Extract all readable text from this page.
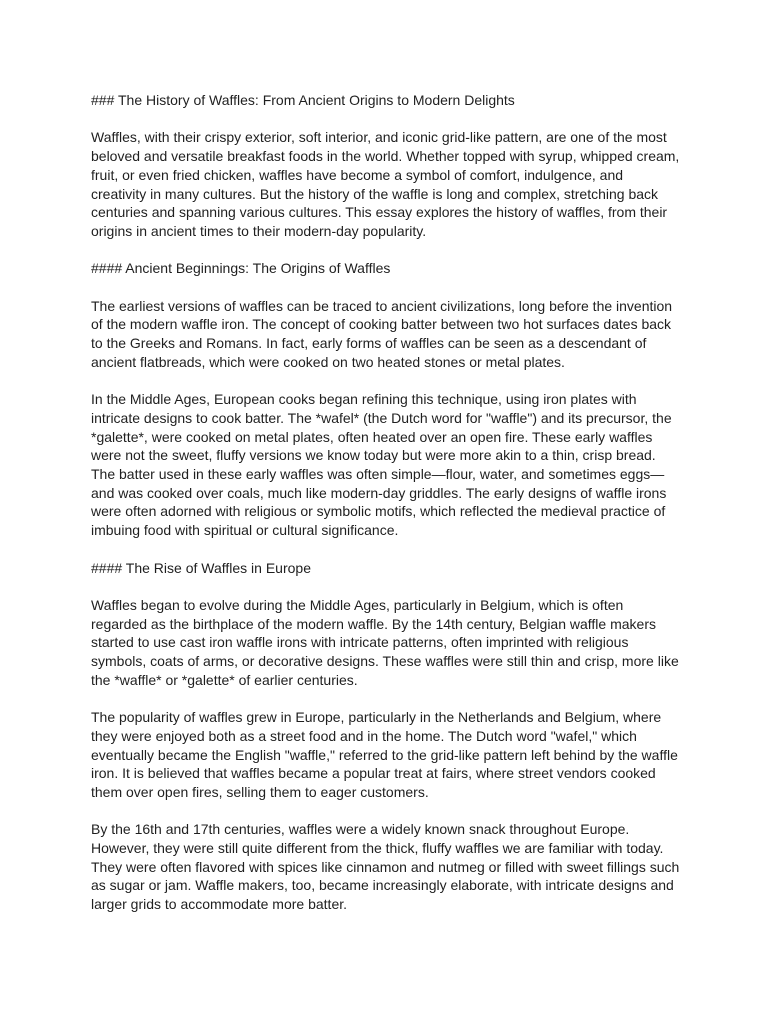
### The History of Waffles: From Ancient Origins to Modern Delights

Waffles, with their crispy exterior, soft interior, and iconic grid-like pattern, are one of the most beloved and versatile breakfast foods in the world. Whether topped with syrup, whipped cream, fruit, or even fried chicken, waffles have become a symbol of comfort, indulgence, and creativity in many cultures. But the history of the waffle is long and complex, stretching back centuries and spanning various cultures. This essay explores the history of waffles, from their origins in ancient times to their modern-day popularity.

#### Ancient Beginnings: The Origins of Waffles

The earliest versions of waffles can be traced to ancient civilizations, long before the invention of the modern waffle iron. The concept of cooking batter between two hot surfaces dates back to the Greeks and Romans. In fact, early forms of waffles can be seen as a descendant of ancient flatbreads, which were cooked on two heated stones or metal plates.

In the Middle Ages, European cooks began refining this technique, using iron plates with intricate designs to cook batter. The *wafel* (the Dutch word for "waffle") and its precursor, the *galette*, were cooked on metal plates, often heated over an open fire. These early waffles were not the sweet, fluffy versions we know today but were more akin to a thin, crisp bread. The batter used in these early waffles was often simple—flour, water, and sometimes eggs—and was cooked over coals, much like modern-day griddles. The early designs of waffle irons were often adorned with religious or symbolic motifs, which reflected the medieval practice of imbuing food with spiritual or cultural significance.

#### The Rise of Waffles in Europe

Waffles began to evolve during the Middle Ages, particularly in Belgium, which is often regarded as the birthplace of the modern waffle. By the 14th century, Belgian waffle makers started to use cast iron waffle irons with intricate patterns, often imprinted with religious symbols, coats of arms, or decorative designs. These waffles were still thin and crisp, more like the *waffle* or *galette* of earlier centuries.

The popularity of waffles grew in Europe, particularly in the Netherlands and Belgium, where they were enjoyed both as a street food and in the home. The Dutch word "wafel," which eventually became the English "waffle," referred to the grid-like pattern left behind by the waffle iron. It is believed that waffles became a popular treat at fairs, where street vendors cooked them over open fires, selling them to eager customers.

By the 16th and 17th centuries, waffles were a widely known snack throughout Europe. However, they were still quite different from the thick, fluffy waffles we are familiar with today. They were often flavored with spices like cinnamon and nutmeg or filled with sweet fillings such as sugar or jam. Waffle makers, too, became increasingly elaborate, with intricate designs and larger grids to accommodate more batter.
